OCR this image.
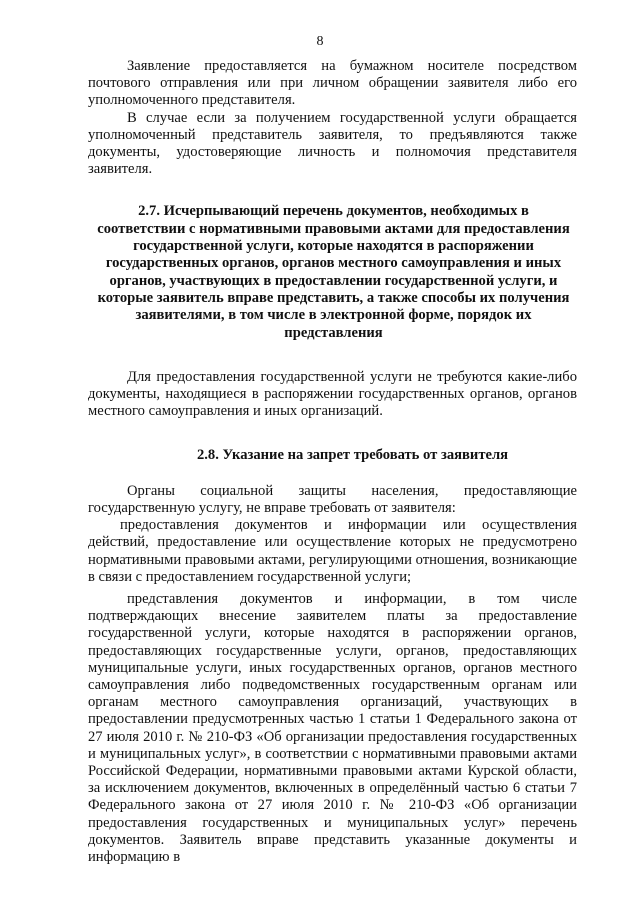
8

Заявление предоставляется на бумажном носителе посредством почтового отправления или при личном обращении заявителя либо его уполномоченного представителя.

В случае если за получением государственной услуги обращается уполномоченный представитель заявителя, то предъявляются также документы, удостоверяющие личность и полномочия представителя заявителя.

2.7. Исчерпывающий перечень документов, необходимых в соответствии с нормативными правовыми актами для предоставления государственной услуги, которые находятся в распоряжении государственных органов, органов местного самоуправления и иных органов, участвующих в предоставлении государственной услуги, и которые заявитель вправе представить, а также способы их получения заявителями, в том числе в электронной форме, порядок их представления

Для предоставления государственной услуги не требуются какие-либо документы, находящиеся в распоряжении государственных органов, органов местного самоуправления и иных организаций.

2.8. Указание на запрет требовать от заявителя

Органы социальной защиты населения, предоставляющие государственную услугу, не вправе требовать от заявителя:

предоставления документов и информации или осуществления действий, предоставление или осуществление которых не предусмотрено нормативными правовыми актами, регулирующими отношения, возникающие в связи с предоставлением государственной услуги;

представления документов и информации, в том числе подтверждающих внесение заявителем платы за предоставление государственной услуги, которые находятся в распоряжении органов, предоставляющих государственные услуги, органов, предоставляющих муниципальные услуги, иных государственных органов, органов местного самоуправления либо подведомственных государственным органам или органам местного самоуправления организаций, участвующих в предоставлении предусмотренных частью 1 статьи 1 Федерального закона от 27 июля 2010 г. № 210-ФЗ «Об организации предоставления государственных и муниципальных услуг», в соответствии с нормативными правовыми актами Российской Федерации, нормативными правовыми актами Курской области, за исключением документов, включенных в определённый частью 6 статьи 7 Федерального закона от 27 июля 2010 г. № 210-ФЗ «Об организации предоставления государственных и муниципальных услуг» перечень документов. Заявитель вправе представить указанные документы и информацию в
